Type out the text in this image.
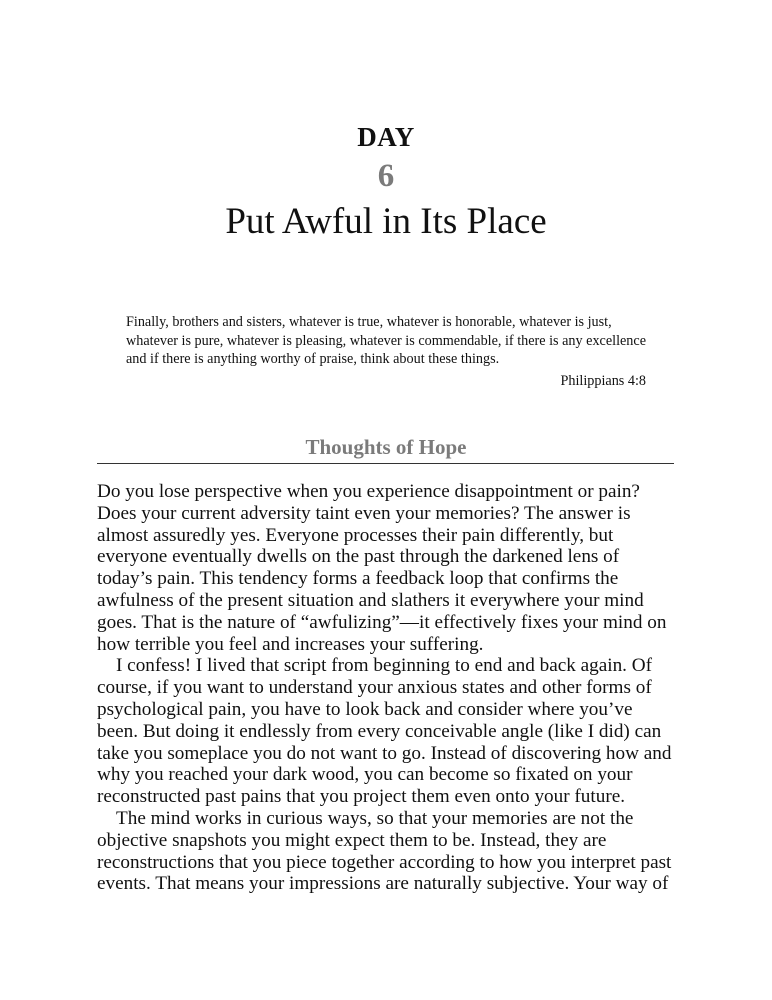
DAY
6
Put Awful in Its Place
Finally, brothers and sisters, whatever is true, whatever is honorable, whatever is just, whatever is pure, whatever is pleasing, whatever is commendable, if there is any excellence and if there is anything worthy of praise, think about these things.
Philippians 4:8
Thoughts of Hope

Do you lose perspective when you experience disappointment or pain? Does your current adversity taint even your memories? The answer is almost assuredly yes. Everyone processes their pain differently, but everyone eventually dwells on the past through the darkened lens of today’s pain. This tendency forms a feedback loop that confirms the awfulness of the present situation and slathers it everywhere your mind goes. That is the nature of “awfulizing”—it effectively fixes your mind on how terrible you feel and increases your suffering.

I confess! I lived that script from beginning to end and back again. Of course, if you want to understand your anxious states and other forms of psychological pain, you have to look back and consider where you’ve been. But doing it endlessly from every conceivable angle (like I did) can take you someplace you do not want to go. Instead of discovering how and why you reached your dark wood, you can become so fixated on your reconstructed past pains that you project them even onto your future.

The mind works in curious ways, so that your memories are not the objective snapshots you might expect them to be. Instead, they are reconstructions that you piece together according to how you interpret past events. That means your impressions are naturally subjective. Your way of
